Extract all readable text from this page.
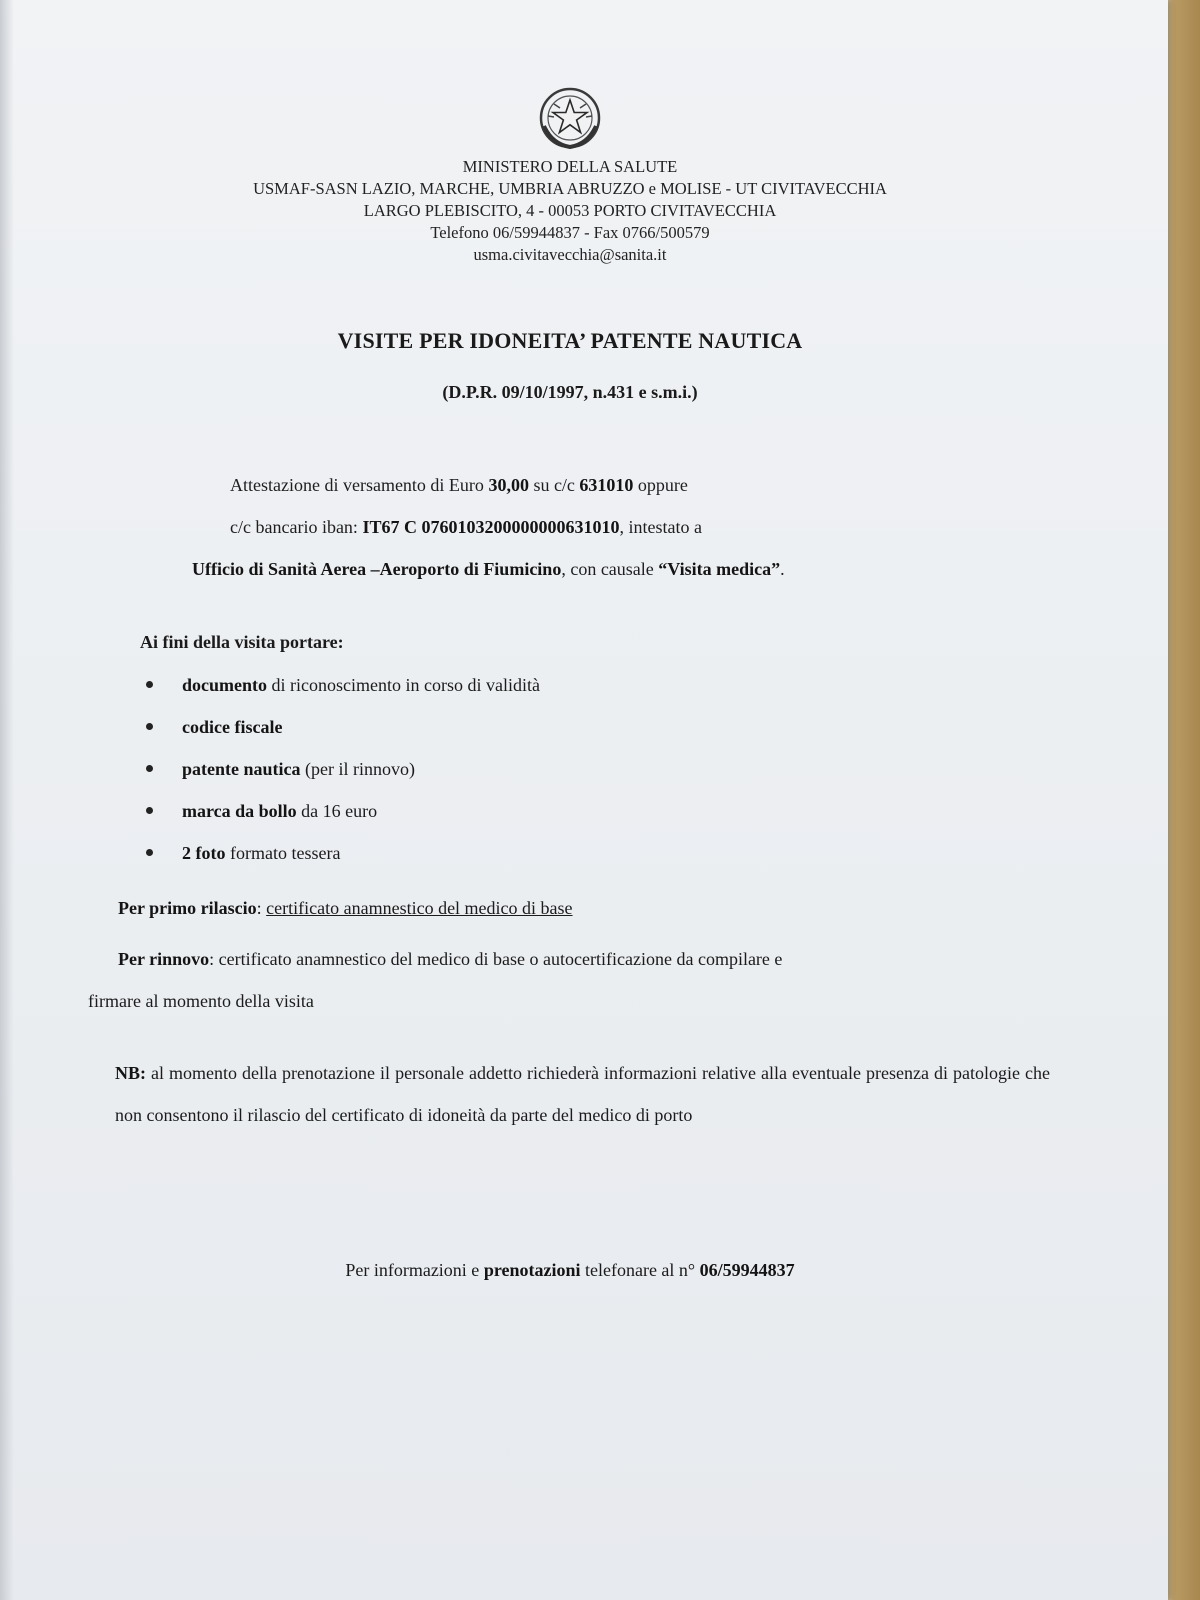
MINISTERO DELLA SALUTE
USMAF-SASN LAZIO, MARCHE, UMBRIA ABRUZZO e MOLISE - UT CIVITAVECCHIA
LARGO PLEBISCITO, 4 - 00053 PORTO CIVITAVECCHIA
Telefono 06/59944837 - Fax 0766/500579
usma.civitavecchia@sanita.it
VISITE PER IDONEITA’ PATENTE NAUTICA
(D.P.R. 09/10/1997, n.431 e s.m.i.)
Attestazione di versamento di Euro 30,00 su c/c 631010 oppure
c/c bancario iban: IT67 C 0760103200000000631010, intestato a
Ufficio di Sanità Aerea –Aeroporto di Fiumicino, con causale “Visita medica”.
Ai fini della visita portare:
documento di riconoscimento in corso di validità
codice fiscale
patente nautica (per il rinnovo)
marca da bollo da 16 euro
2 foto formato tessera
Per primo rilascio: certificato anamnestico del medico di base
Per rinnovo: certificato anamnestico del medico di base o autocertificazione da compilare e
firmare al momento della visita
NB: al momento della prenotazione il personale addetto richiederà informazioni relative alla eventuale presenza di patologie che non consentono il rilascio del certificato di idoneità da parte del medico di porto
Per informazioni e prenotazioni telefonare al n° 06/59944837
